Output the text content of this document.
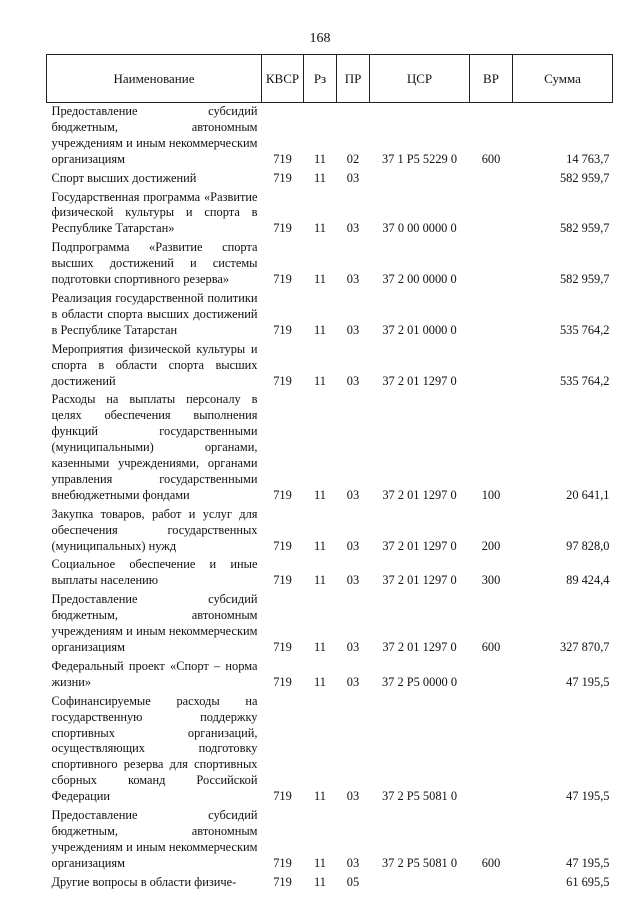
168
Наименование	КВСР	Рз	ПР	ЦСР	ВР	Сумма
Предоставление субсидий бюджетным, автономным учреждениям и иным некоммерческим организациям	719	11	02	37 1 Р5 5229 0	600	14 763,7
Спорт высших достижений	719	11	03			582 959,7
Государственная программа «Развитие физической культуры и спорта в Республике Татарстан»	719	11	03	37 0 00 0000 0		582 959,7
Подпрограмма «Развитие спорта высших достижений и системы подготовки спортивного резерва»	719	11	03	37 2 00 0000 0		582 959,7
Реализация государственной политики в области спорта высших достижений в Республике Татарстан	719	11	03	37 2 01 0000 0		535 764,2
Мероприятия физической культуры и спорта в области спорта высших достижений	719	11	03	37 2 01 1297 0		535 764,2
Расходы на выплаты персоналу в целях обеспечения выполнения функций государственными (муниципальными) органами, казенными учреждениями, органами управления государственными внебюджетными фондами	719	11	03	37 2 01 1297 0	100	20 641,1
Закупка товаров, работ и услуг для обеспечения государственных (муниципальных) нужд	719	11	03	37 2 01 1297 0	200	97 828,0
Социальное обеспечение и иные выплаты населению	719	11	03	37 2 01 1297 0	300	89 424,4
Предоставление субсидий бюджетным, автономным учреждениям и иным некоммерческим организациям	719	11	03	37 2 01 1297 0	600	327 870,7
Федеральный проект «Спорт – норма жизни»	719	11	03	37 2 Р5 0000 0		47 195,5
Софинансируемые расходы на государственную поддержку спортивных организаций, осуществляющих подготовку спортивного резерва для спортивных сборных команд Российской Федерации	719	11	03	37 2 Р5 5081 0		47 195,5
Предоставление субсидий бюджетным, автономным учреждениям и иным некоммерческим организациям	719	11	03	37 2 Р5 5081 0	600	47 195,5
Другие вопросы в области физиче-	719	11	05			61 695,5
